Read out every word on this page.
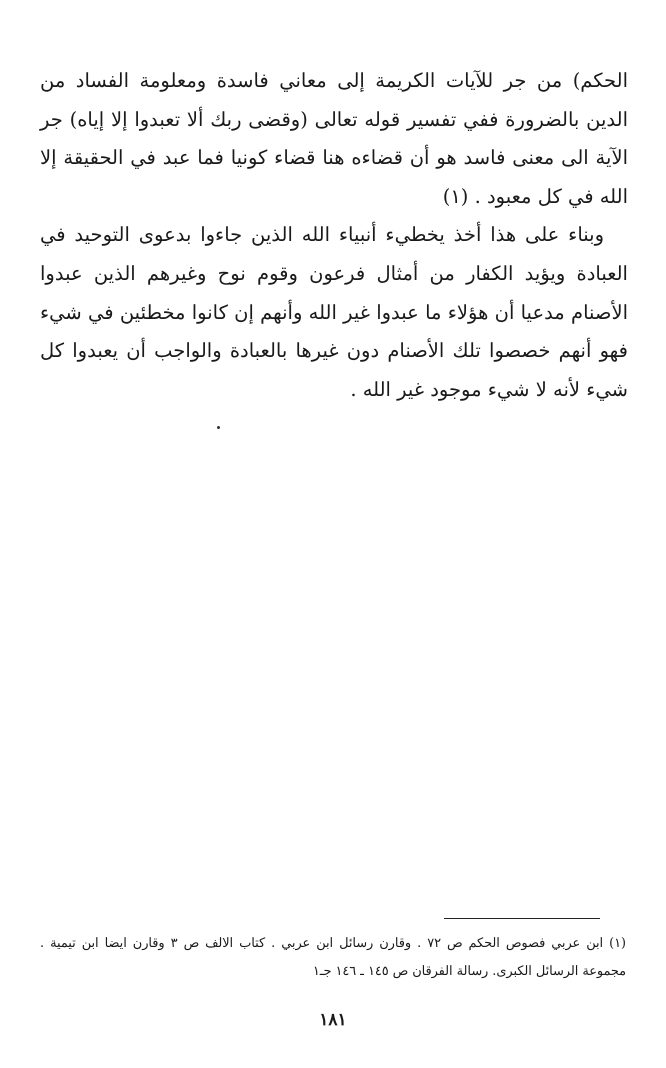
الحكم) من جر للآيات الكريمة إلى معاني فاسدة ومعلومة الفساد من الدين بالضرورة ففي تفسير قوله تعالى (وقضى ربك ألا تعبدوا إلا إياه) جر الآية الى معنى فاسد هو أن قضاءه هنا قضاء كونيا فما عبد في الحقيقة إلا الله في كل معبود . (١)

وبناء على هذا أخذ يخطيء أنبياء الله الذين جاءوا بدعوى التوحيد في العبادة ويؤيد الكفار من أمثال فرعون وقوم نوح وغيرهم الذين عبدوا الأصنام مدعيا أن هؤلاء ما عبدوا غير الله وأنهم إن كانوا مخطئين في شيء فهو أنهم خصصوا تلك الأصنام دون غيرها بالعبادة والواجب أن يعبدوا كل شيء لأنه لا شيء موجود غير الله .

(١) ابن عربي فصوص الحكم ص ٧٢ . وقارن رسائل ابن عربي . كتاب الالف ص ٣ وقارن ايضا ابن تيمية . مجموعة الرسائل الكبرى. رسالة الفرقان ص ١٤٥ ـ ١٤٦ جـ١
١٨١
